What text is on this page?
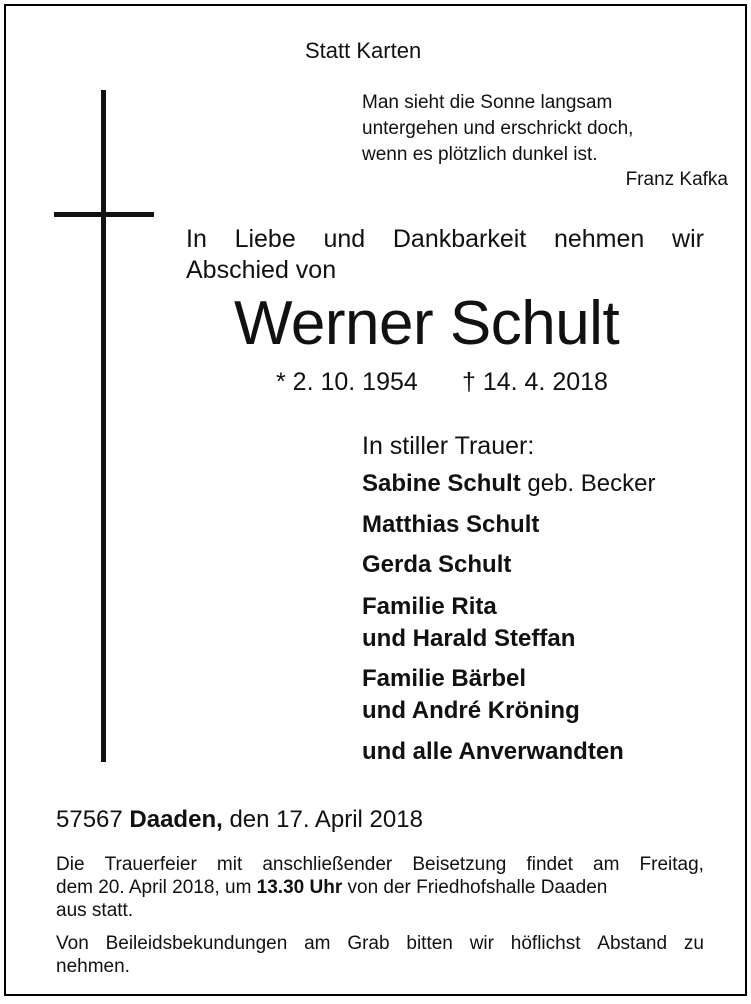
Statt Karten
Man sieht die Sonne langsam
untergehen und erschrickt doch,
wenn es plötzlich dunkel ist.
Franz Kafka
In Liebe und Dankbarkeit nehmen wir
Abschied von
Werner Schult
* 2. 10. 1954 † 14. 4. 2018
In stiller Trauer:
Sabine Schult geb. Becker
Matthias Schult
Gerda Schult
Familie Rita
und Harald Steffan
Familie Bärbel
und André Kröning
und alle Anverwandten
57567 Daaden, den 17. April 2018
Die Trauerfeier mit anschließender Beisetzung findet am Freitag,
dem 20. April 2018, um 13.30 Uhr von der Friedhofshalle Daaden
aus statt.
Von Beileidsbekundungen am Grab bitten wir höflichst Abstand zu
nehmen.
